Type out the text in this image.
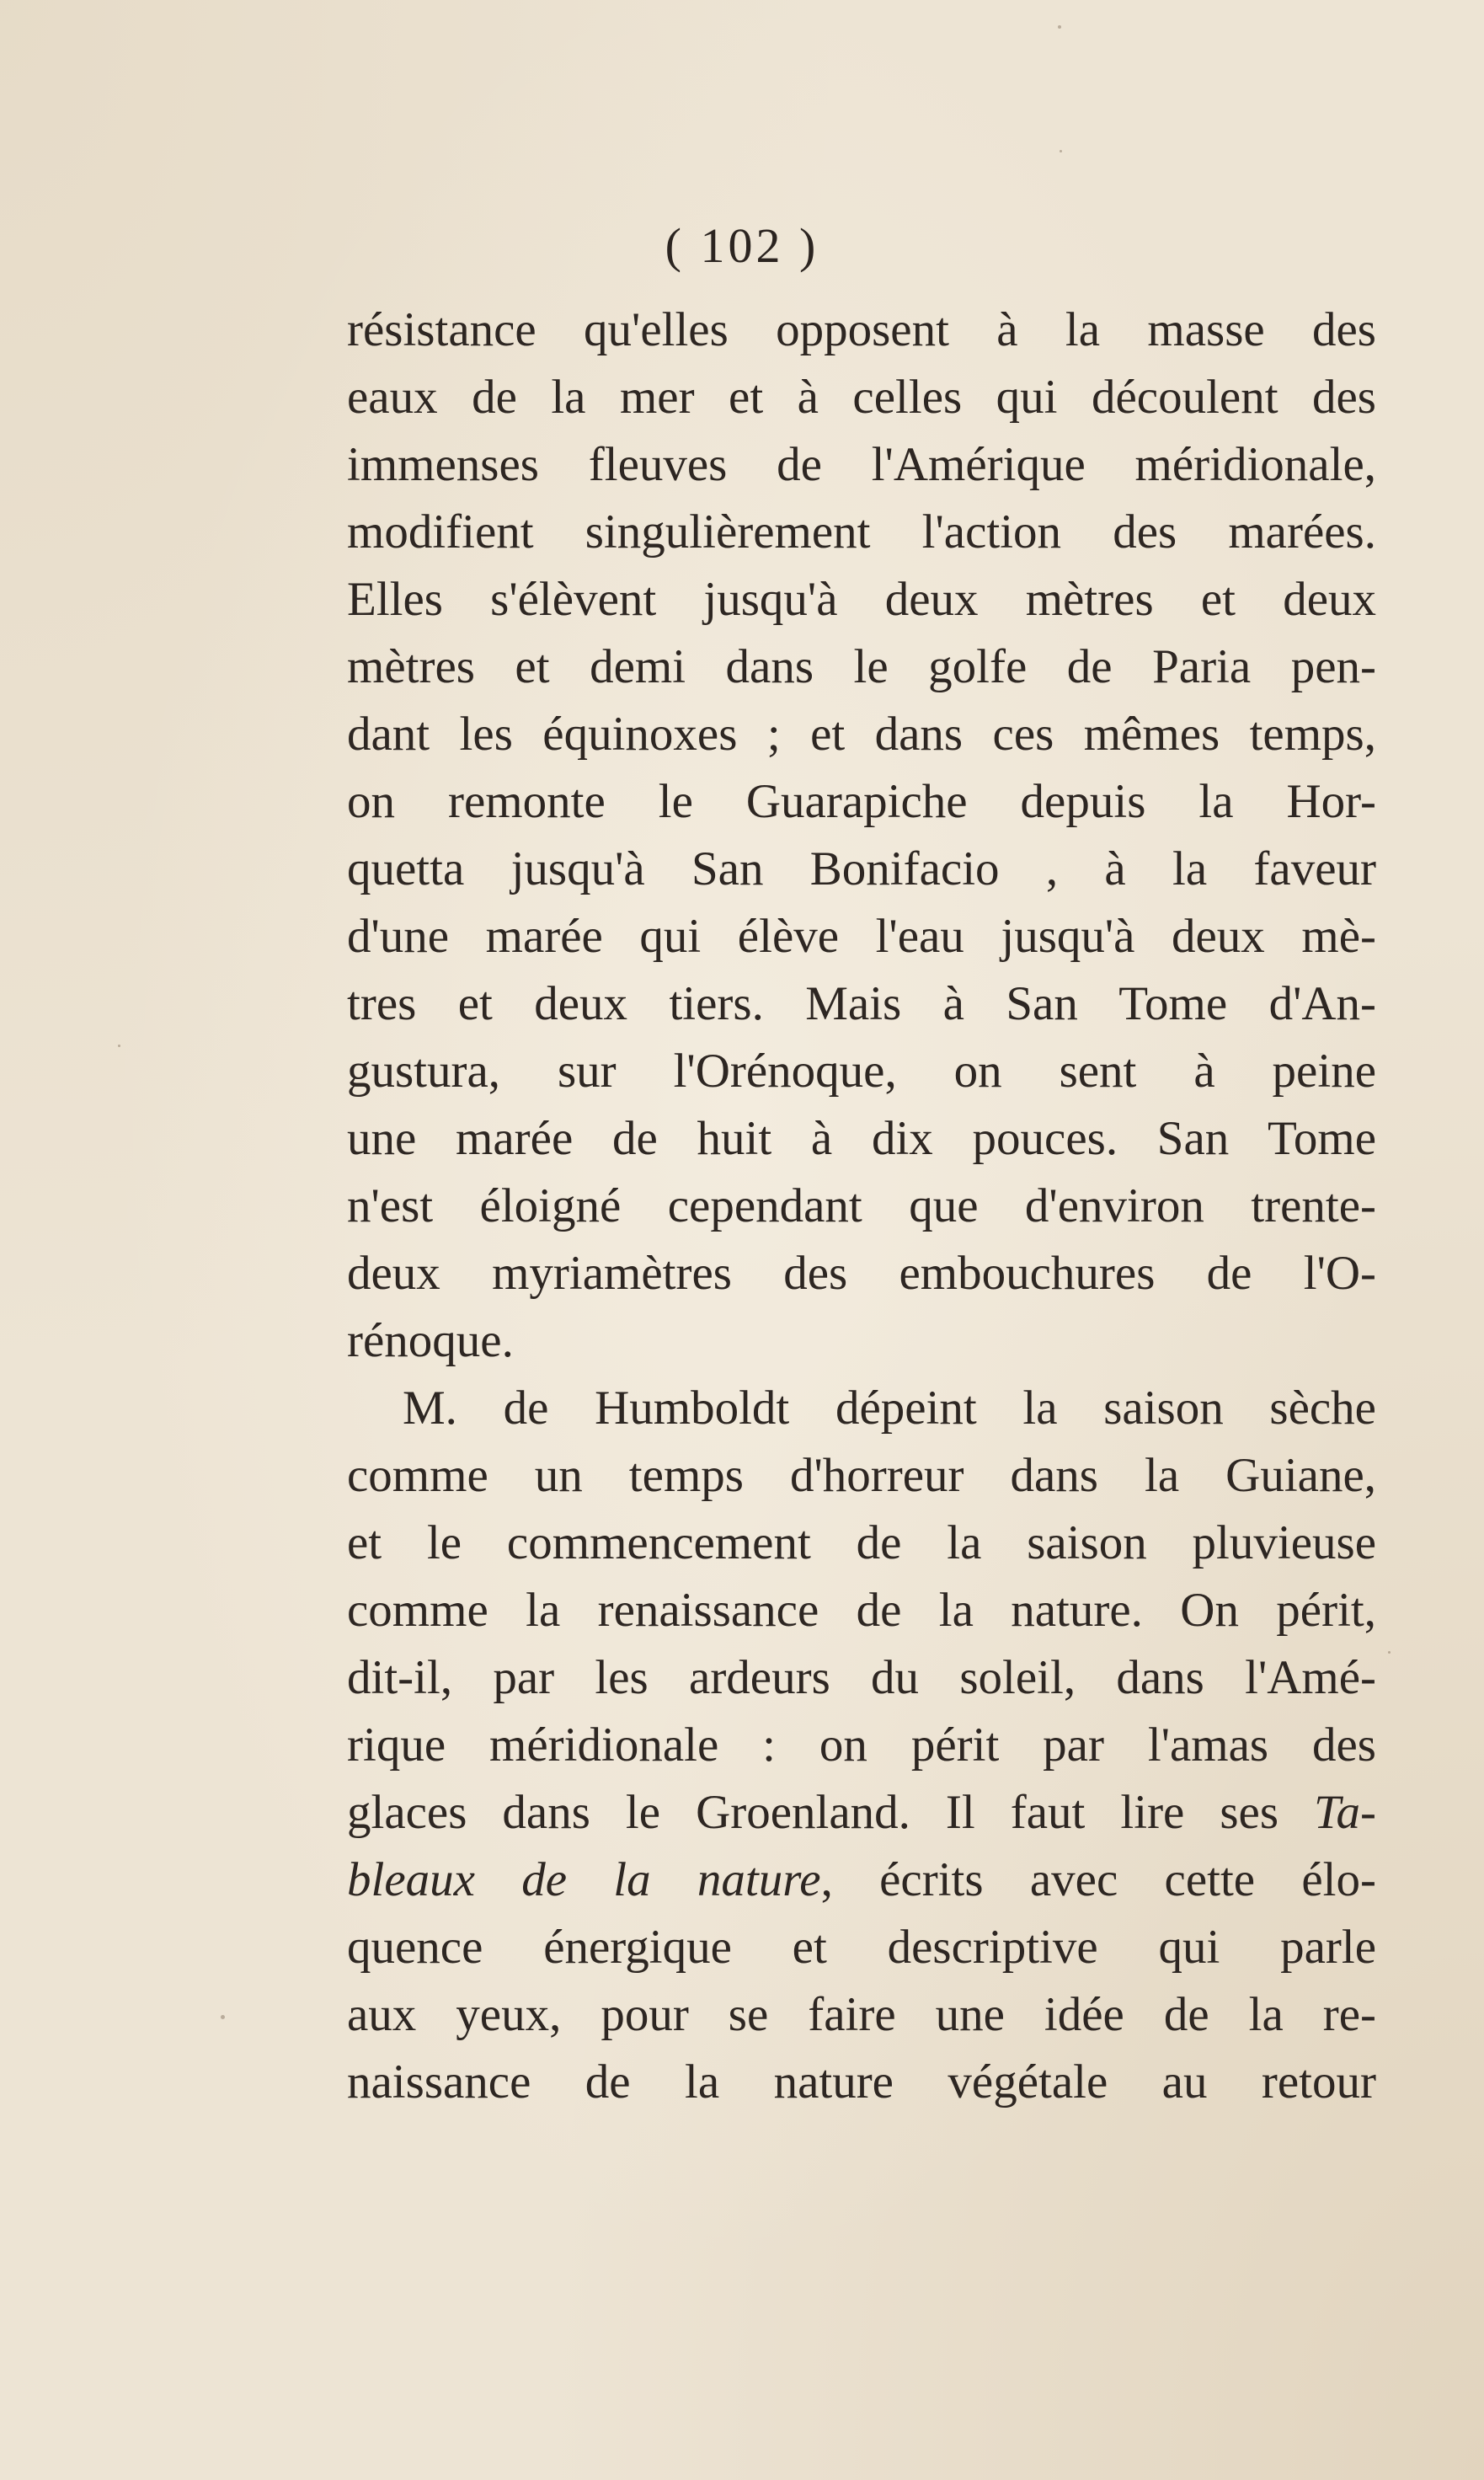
( 102 )
résistance qu'elles opposent à la masse des
eaux de la mer et à celles qui découlent des
immenses fleuves de l'Amérique méridionale,
modifient singulièrement l'action des marées.
Elles s'élèvent jusqu'à deux mètres et deux
mètres et demi dans le golfe de Paria pen-
dant les équinoxes ; et dans ces mêmes temps,
on remonte le Guarapiche depuis la Hor-
quetta jusqu'à San Bonifacio , à la faveur
d'une marée qui élève l'eau jusqu'à deux mè-
tres et deux tiers. Mais à San Tome d'An-
gustura, sur l'Orénoque, on sent à peine
une marée de huit à dix pouces. San Tome
n'est éloigné cependant que d'environ trente-
deux myriamètres des embouchures de l'O-
rénoque.
M. de Humboldt dépeint la saison sèche
comme un temps d'horreur dans la Guiane,
et le commencement de la saison pluvieuse
comme la renaissance de la nature. On périt,
dit-il, par les ardeurs du soleil, dans l'Amé-
rique méridionale : on périt par l'amas des
glaces dans le Groenland. Il faut lire ses Ta-
bleaux de la nature, écrits avec cette élo-
quence énergique et descriptive qui parle
aux yeux, pour se faire une idée de la re-
naissance de la nature végétale au retour
